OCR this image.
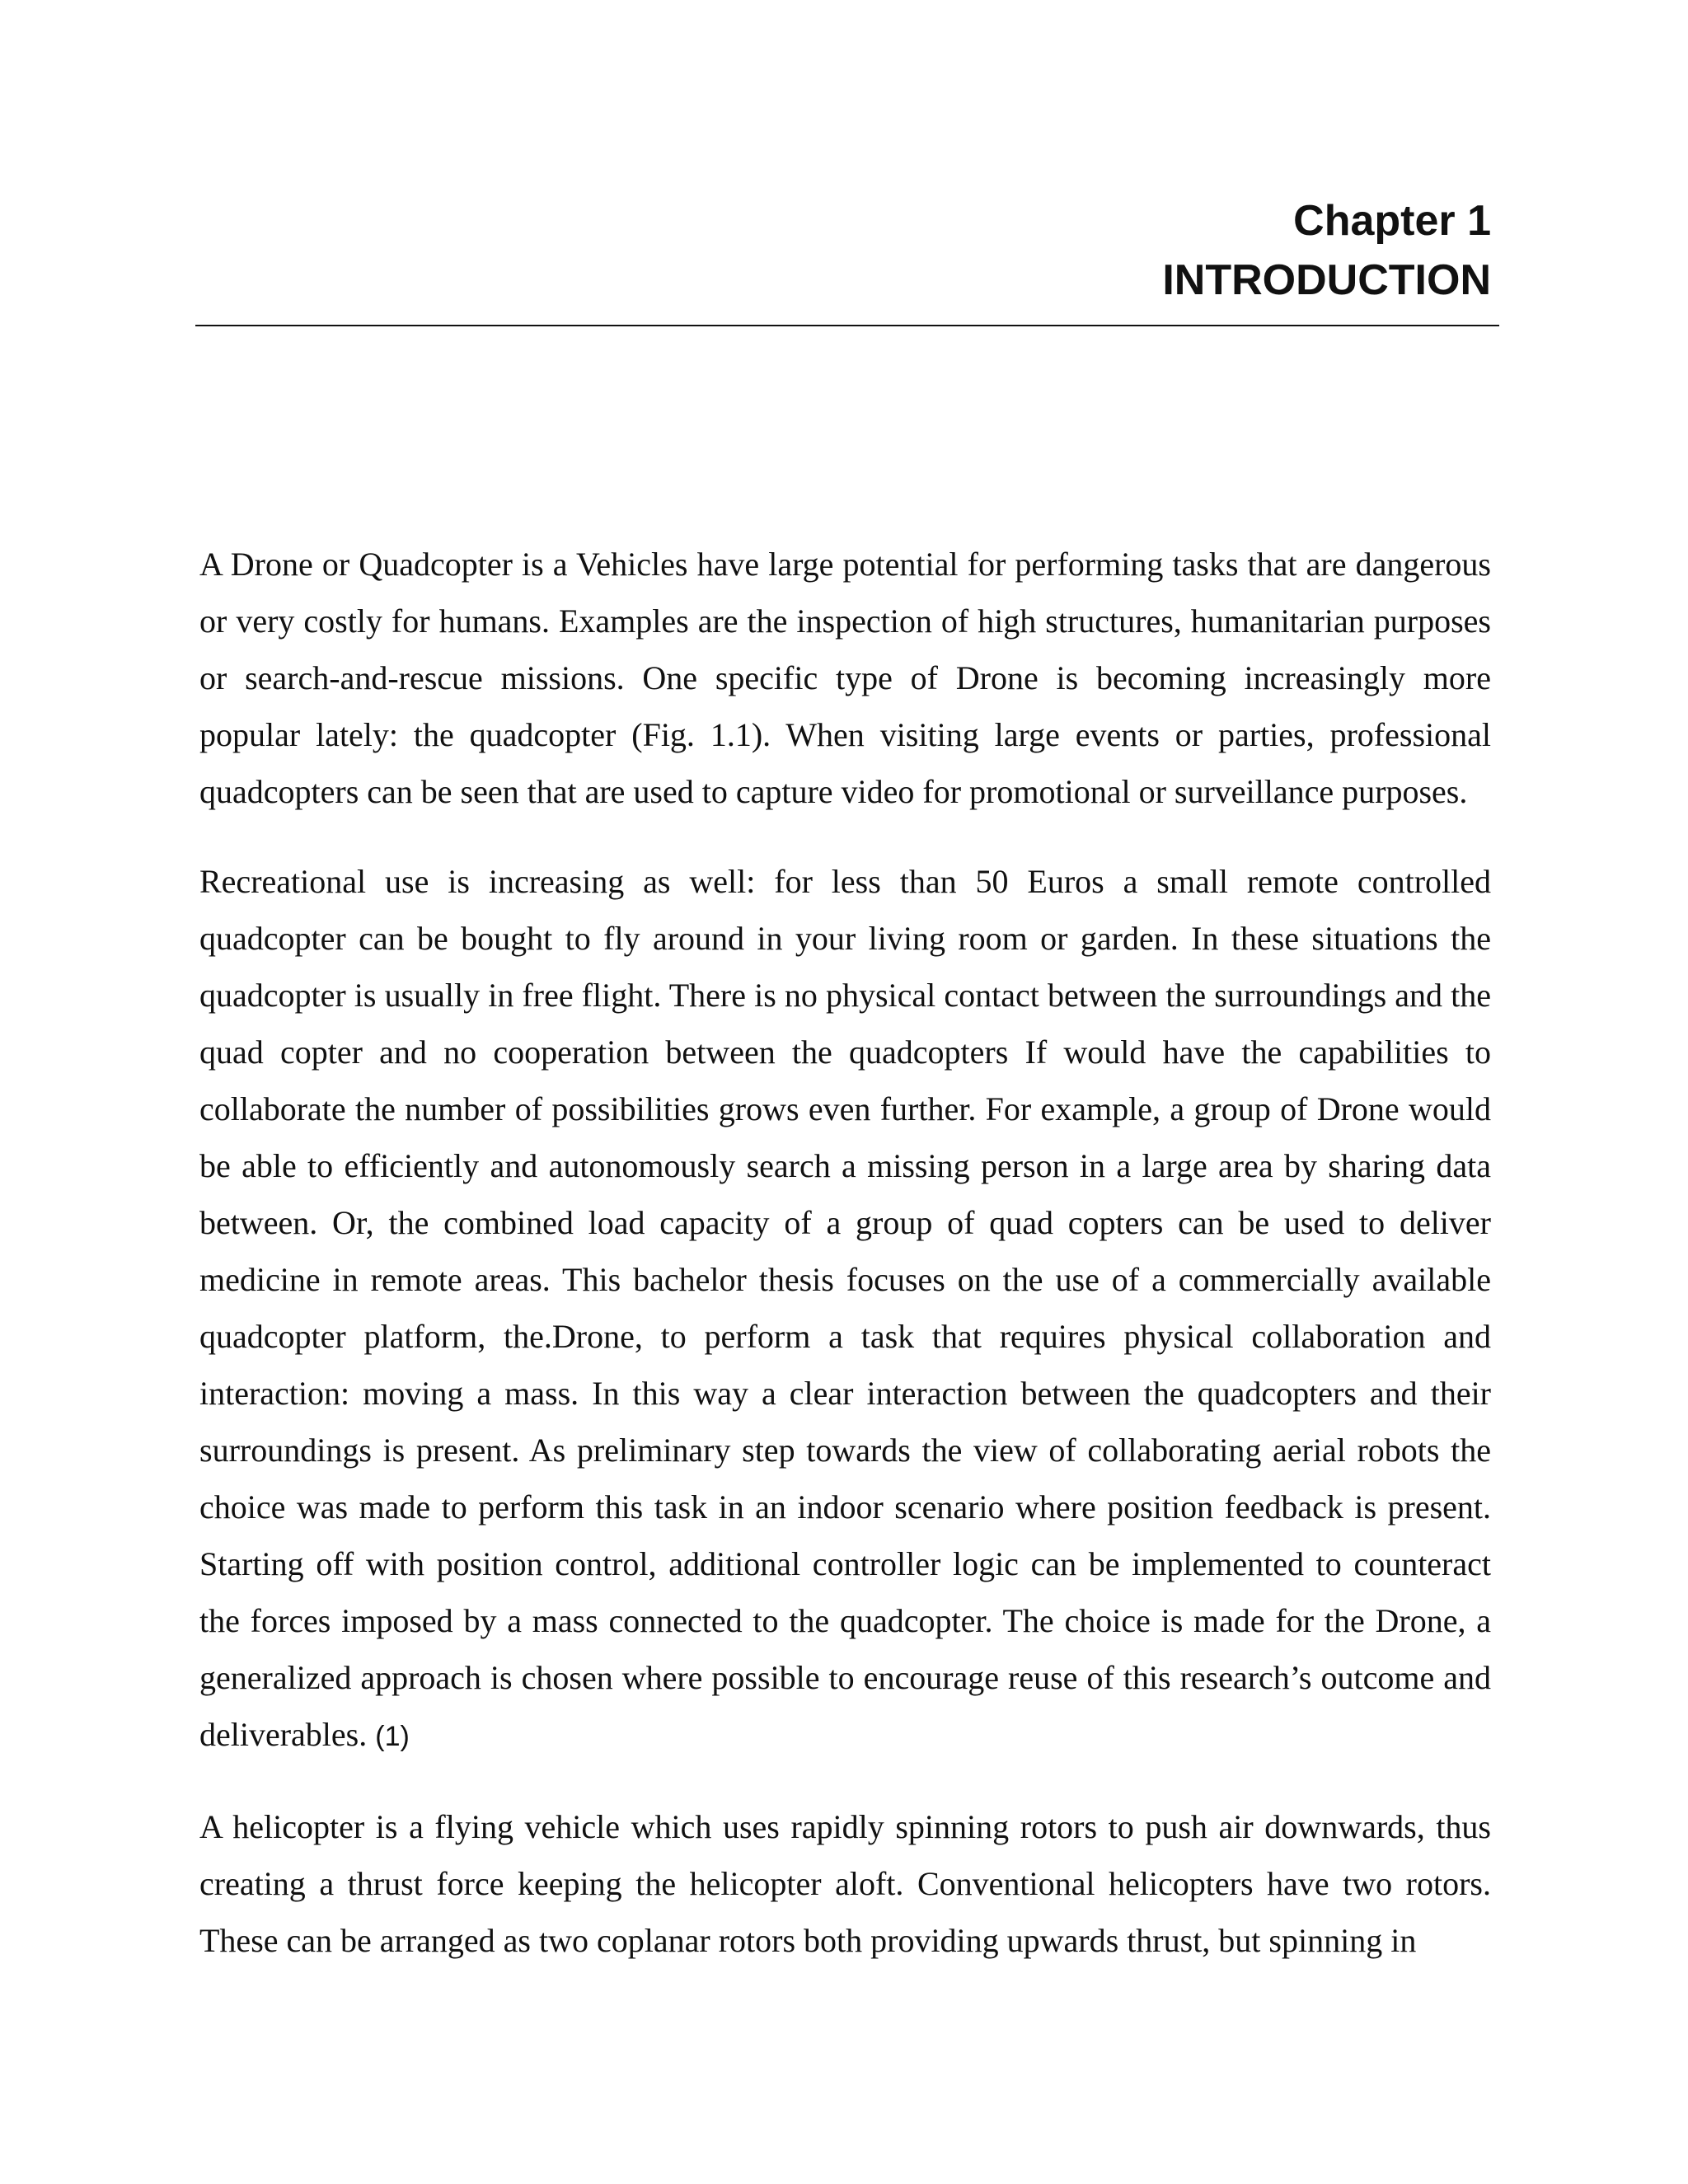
Chapter 1
INTRODUCTION

A Drone or Quadcopter is a Vehicles have large potential for performing tasks that are dangerous or very costly for humans. Examples are the inspection of high structures, humanitarian purposes or search-and-rescue missions. One specific type of Drone is becoming increasingly more popular lately: the quadcopter (Fig. 1.1). When visiting large events or parties, professional quadcopters can be seen that are used to capture video for promotional or surveillance purposes.

Recreational use is increasing as well: for less than 50 Euros a small remote controlled quadcopter can be bought to fly around in your living room or garden. In these situations the quadcopter is usually in free flight. There is no physical contact between the surroundings and the quad copter and no cooperation between the quadcopters If would have the capabilities to collaborate the number of possibilities grows even further. For example, a group of Drone would be able to efficiently and autonomously search a missing person in a large area by sharing data between. Or, the combined load capacity of a group of quad copters can be used to deliver medicine in remote areas. This bachelor thesis focuses on the use of a commercially available quadcopter platform, the.Drone, to perform a task that requires physical collaboration and interaction: moving a mass. In this way a clear interaction between the quadcopters and their surroundings is present. As preliminary step towards the view of collaborating aerial robots the choice was made to perform this task in an indoor scenario where position feedback is present. Starting off with position control, additional controller logic can be implemented to counteract the forces imposed by a mass connected to the quadcopter. The choice is made for the Drone, a generalized approach is chosen where possible to encourage reuse of this research’s outcome and deliverables. (1)

A helicopter is a flying vehicle which uses rapidly spinning rotors to push air downwards, thus creating a thrust force keeping the helicopter aloft. Conventional helicopters have two rotors. These can be arranged as two coplanar rotors both providing upwards thrust, but spinning in
